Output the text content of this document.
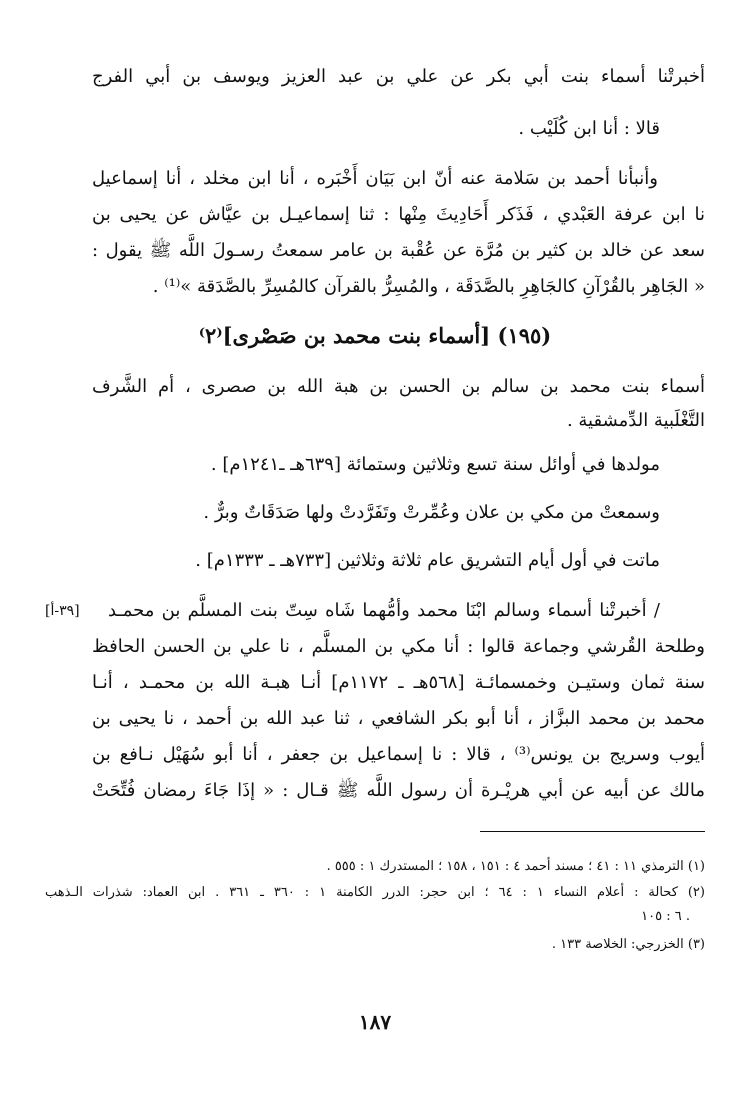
أخبرتْنا أسماء بنت أبي بكر عن علي بن عبد العزيز ويوسف بن أبي الفرج
قالا : أنا ابن كُلَيْب .
وأنبأنا أحمد بن سَلامة عنه أنّ ابن بَيَان أَخْبَره ، أنا ابن مخلد ، أنا إسماعيل
نا ابن عرفة العَبْدي ، فَذَكر أَحَادِيثَ مِنْها : ثنا إسماعيـل بن عيَّاش عن يحيى بن
سعد عن خالد بن كثير بن مُرَّة عن عُقْبة بن عامر سمعتُ رسـولَ اللَّه ﷺ يقول :
« الجَاهِر بالقُرْآنِ كالجَاهِرِ بالصَّدَقَة ، والمُسِرُّ بالقرآن كالمُسِرِّ بالصَّدَقة »⁽¹⁾ .
(١٩٥) [أسماء بنت محمد بن صَصْرى]⁽٢⁾
أسماء بنت محمد بن سالم بن الحسن بن هبة الله بن صصرى ، أم الشَّرف
التَّغْلَبية الدِّمشقية .
مولدها في أوائل سنة تسع وثلاثين وستمائة [٦٣٩هـ ـ١٢٤١م] .
وسمعتْ من مكي بن علان وعُمِّرتْ وتَفَرَّدتْ ولها صَدَقَاتٌ وبرٌّ .
ماتت في أول أيام التشريق عام ثلاثة وثلاثين [٧٣٣هـ ـ ١٣٣٣م] .
[٣٩-أ] / أخبرتْنا أسماء وسالم ابْنَا محمد وأمُّهما شَاه سِتّ بنت المسلَّم بن محمـد
وطلحة القُرشي وجماعة قالوا : أنا مكي بن المسلَّم ، نا علي بن الحسن الحافظ
سنة ثمان وستيـن وخمسمائـة [٥٦٨هـ ـ ١١٧٢م] أنـا هبـة الله بن محمـد ، أنـا
محمد بن محمد البزَّاز ، أنا أبو بكر الشافعي ، ثنا عبد الله بن أحمد ، نا يحيى بن
أيوب وسريج بن يونس⁽³⁾ ، قالا : نا إسماعيل بن جعفر ، أنا أبو سُهَيْل نـافع بن
مالك عن أبيه عن أبي هريْـرة أن رسول اللَّه ﷺ قـال : « إذَا جَاءَ رمضان فُتِّحَتْ
(١) الترمذي ١١ : ٤١ ؛ مسند أحمد ٤ : ١٥١ ، ١٥٨ ؛ المستدرك ١ : ٥٥٥ .
(٢) كحالة : أعلام النساء ١ : ٦٤ ؛ ابن حجر: الدرر الكامنة ١ : ٣٦٠ ـ ٣٦١ . ابن العماد: شذرات الـذهب
٦ : ١٠٥ .
(٣) الخزرجي: الخلاصة ١٣٣ .
١٨٧
